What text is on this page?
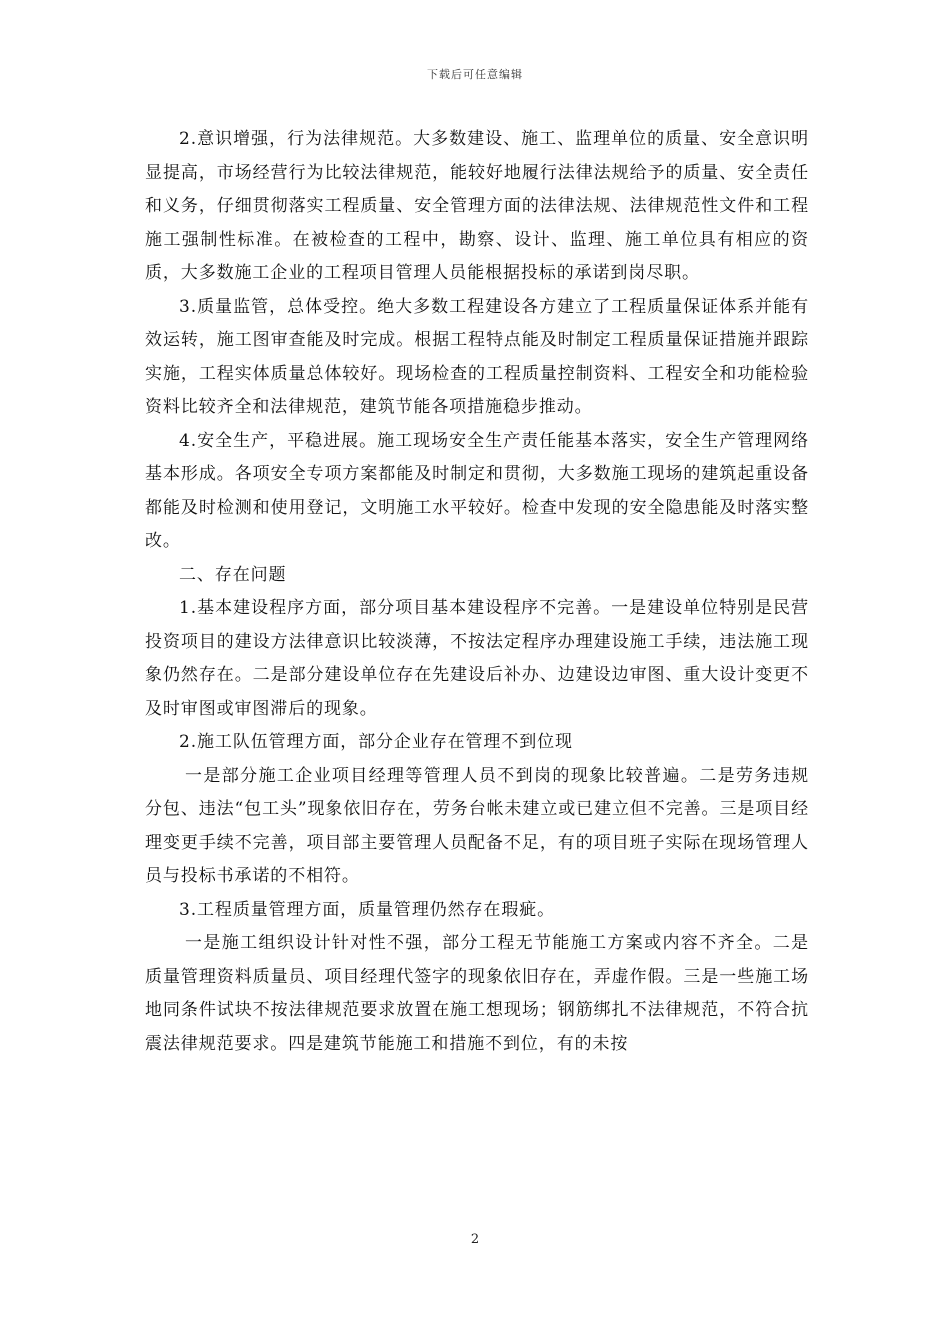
下载后可任意编辑

2.意识增强，行为法律规范。大多数建设、施工、监理单位的质量、安全意识明显提高，市场经营行为比较法律规范，能较好地履行法律法规给予的质量、安全责任和义务，仔细贯彻落实工程质量、安全管理方面的法律法规、法律规范性文件和工程施工强制性标准。在被检查的工程中，勘察、设计、监理、施工单位具有相应的资质，大多数施工企业的工程项目管理人员能根据投标的承诺到岗尽职。

3.质量监管，总体受控。绝大多数工程建设各方建立了工程质量保证体系并能有效运转，施工图审查能及时完成。根据工程特点能及时制定工程质量保证措施并跟踪实施，工程实体质量总体较好。现场检查的工程质量控制资料、工程安全和功能检验资料比较齐全和法律规范，建筑节能各项措施稳步推动。

4.安全生产，平稳进展。施工现场安全生产责任能基本落实，安全生产管理网络基本形成。各项安全专项方案都能及时制定和贯彻，大多数施工现场的建筑起重设备都能及时检测和使用登记，文明施工水平较好。检查中发现的安全隐患能及时落实整改。

二、存在问题

1.基本建设程序方面，部分项目基本建设程序不完善。一是建设单位特别是民营投资项目的建设方法律意识比较淡薄，不按法定程序办理建设施工手续，违法施工现象仍然存在。二是部分建设单位存在先建设后补办、边建设边审图、重大设计变更不及时审图或审图滞后的现象。

2.施工队伍管理方面，部分企业存在管理不到位现

一是部分施工企业项目经理等管理人员不到岗的现象比较普遍。二是劳务违规分包、违法“包工头”现象依旧存在，劳务台帐未建立或已建立但不完善。三是项目经理变更手续不完善，项目部主要管理人员配备不足，有的项目班子实际在现场管理人员与投标书承诺的不相符。

3.工程质量管理方面，质量管理仍然存在瑕疵。

一是施工组织设计针对性不强，部分工程无节能施工方案或内容不齐全。二是质量管理资料质量员、项目经理代签字的现象依旧存在，弄虚作假。三是一些施工场地同条件试块不按法律规范要求放置在施工想现场；钢筋绑扎不法律规范，不符合抗震法律规范要求。四是建筑节能施工和措施不到位，有的未按

2
